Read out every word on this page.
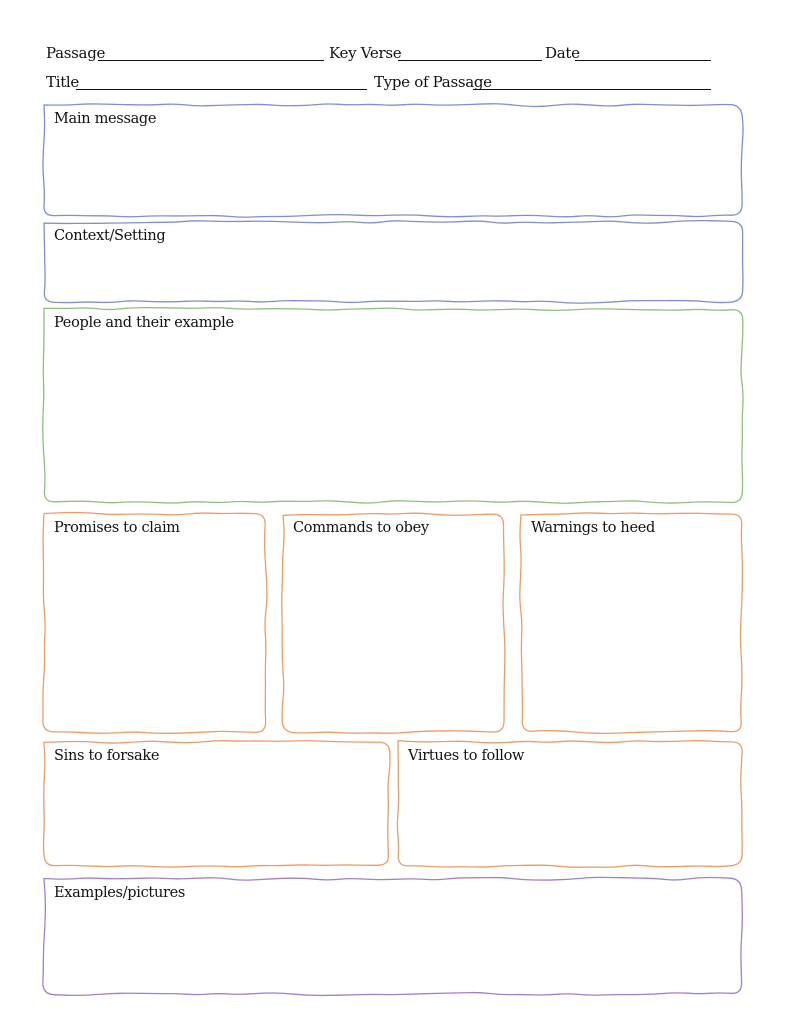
Passage	Key Verse	Date
Title	Type of Passage
Main message
Context/Setting
People and their example
Promises to claim	Commands to obey	Warnings to heed
Sins to forsake	Virtues to follow
Examples/pictures
